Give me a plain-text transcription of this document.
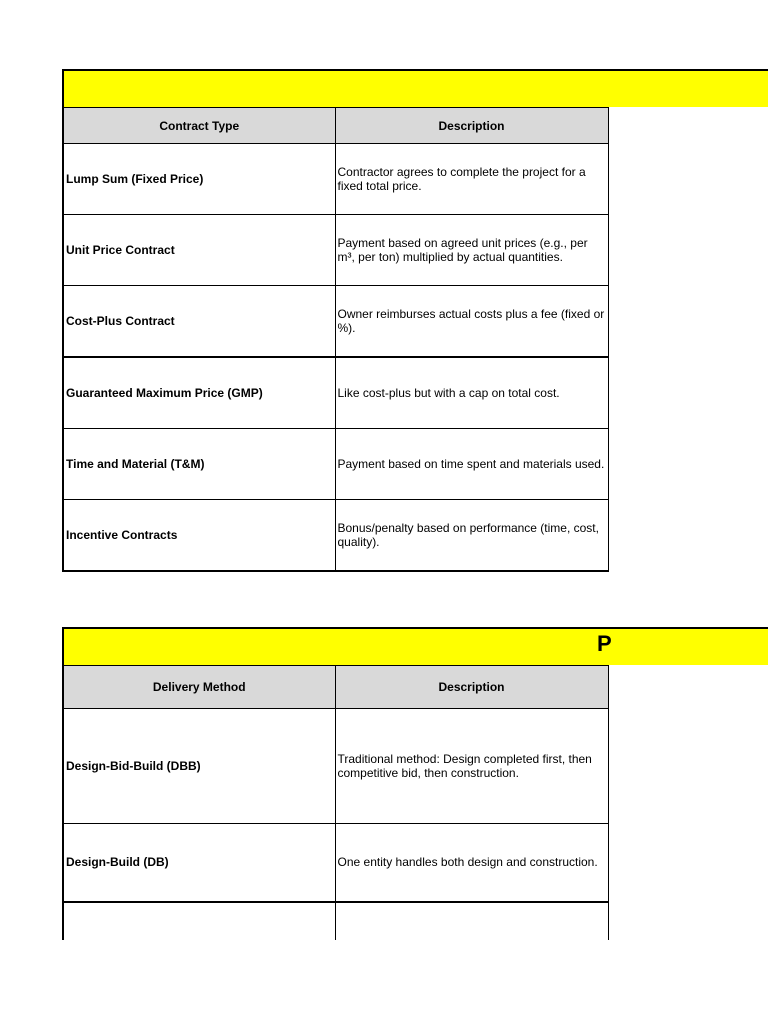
Contract Type	Description
Lump Sum (Fixed Price)	Contractor agrees to complete the project for a fixed total price.
Unit Price Contract	Payment based on agreed unit prices (e.g., per m³, per ton) multiplied by actual quantities.
Cost-Plus Contract	Owner reimburses actual costs plus a fee (fixed or %).
Guaranteed Maximum Price (GMP)	Like cost-plus but with a cap on total cost.
Time and Material (T&M)	Payment based on time spent and materials used.
Incentive Contracts	Bonus/penalty based on performance (time, cost, quality).
P
Delivery Method	Description
Design-Bid-Build (DBB)	Traditional method: Design completed first, then competitive bid, then construction.
Design-Build (DB)	One entity handles both design and construction.
